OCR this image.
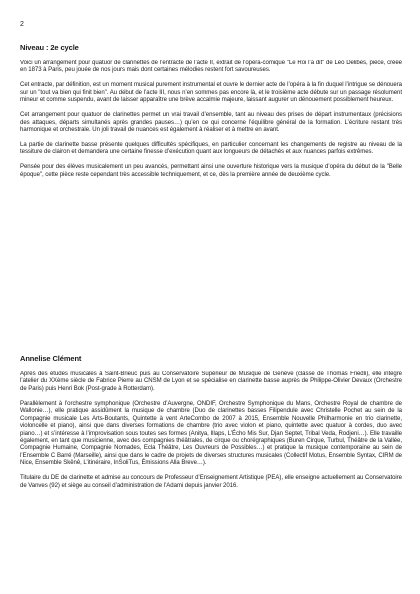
2
Niveau : 2e cycle

Voici un arrangement pour quatuor de clarinettes de l’entracte de l’acte II, extrait de l’opéra-comique "Le Roi l’a dit" de Léo Delibes, pièce, créée en 1873 à Paris, peu jouée de nos jours mais dont certaines mélodies restent fort savoureuses.

Cet entracte, par définition, est un moment musical purement instrumental et ouvre le dernier acte de l’opéra à la fin duquel l’intrigue se dénouera sur un "tout va bien qui finit bien". Au début de l’acte III, nous n’en sommes pas encore là, et le troisième acte débute sur un passage résolument mineur et comme suspendu, avant de laisser apparaître une brève accalmie majeure, laissant augurer un dénouement possiblement heureux.

Cet arrangement pour quatuor de clarinettes permet un vrai travail d’ensemble, tant au niveau des prises de départ instrumentaux (précisions des attaques, départs simultanés après grandes pauses…) qu’en ce qui concerne l’équilibre général de la formation. L’écriture restant très harmonique et orchestrale. Un joli travail de nuances est également à réaliser et à mettre en avant.

La partie de clarinette basse présente quelques difficultés spécifiques, en particulier concernant les changements de registre au niveau de la tessiture de clairon et demandera une certaine finesse d’exécution quant aux longueurs de détachés et aux nuances parfois extrêmes.

Pensée pour des élèves musicalement un peu avancés, permettant ainsi une ouverture historique vers la musique d’opéra du début de la "Belle époque", cette pièce reste cependant très accessible techniquement, et ce, dès la première année de deuxième cycle.

Annelise Clément

Après des études musicales à Saint-Brieuc puis au Conservatoire Supérieur de Musique de Genève (classe de Thomas Friedli), elle intègre l’atelier du XXème siècle de Fabrice Pierre au CNSM de Lyon et se spécialise en clarinette basse auprès de Philippe-Olivier Devaux (Orchestre de Paris) puis Henri Bok (Post-grade à Rotterdam).

Parallèlement à l’orchestre symphonique (Orchestre d’Auvergne, ONDIF, Orchestre Symphonique du Mans, Orchestre Royal de chambre de Wallonie…), elle pratique assidûment la musique de chambre (Duo de clarinettes basses Filipendule avec Christelle Pochet au sein de la Compagnie musicale Les Arts-Boutants, Quintette à vent ArteCombo de 2007 à 2015, Ensemble Nouvelle Philharmonie en trio clarinette, violoncelle et piano), ainsi que dans diverses formations de chambre (trio avec violon et piano, quintette avec quatuor à cordes, duo avec piano…) et s’intéresse à l’improvisation sous toutes ses formes (Anitya, Illaps, L’Écho Mis Sur, Djan Septet, Tribal Veda, Rodjeni…). Elle travaille également, en tant que musicienne, avec des compagnies théâtrales, de cirque ou chorégraphiques (Buren Cirque, Turbul, Théâtre de la Vallée, Compagnie Humaine, Compagnie Nomades, Ecla Théâtre, Les Ouvreurs de Possibles…) et pratique la musique contemporaine au sein de l’Ensemble C Barré (Marseille), ainsi que dans le cadre de projets de diverses structures musicales (Collectif Motus, Ensemble Syntax, CIRM de Nice, Ensemble Skênê, L’itinéraire, InSoliTus, Émissions Alla Breve…).

Titulaire du DE de clarinette et admise au concours de Professeur d’Enseignement Artistique (PEA), elle enseigne actuellement au Conservatoire de Vanves (92) et siège au conseil d’administration de l’Adami depuis janvier 2016.
